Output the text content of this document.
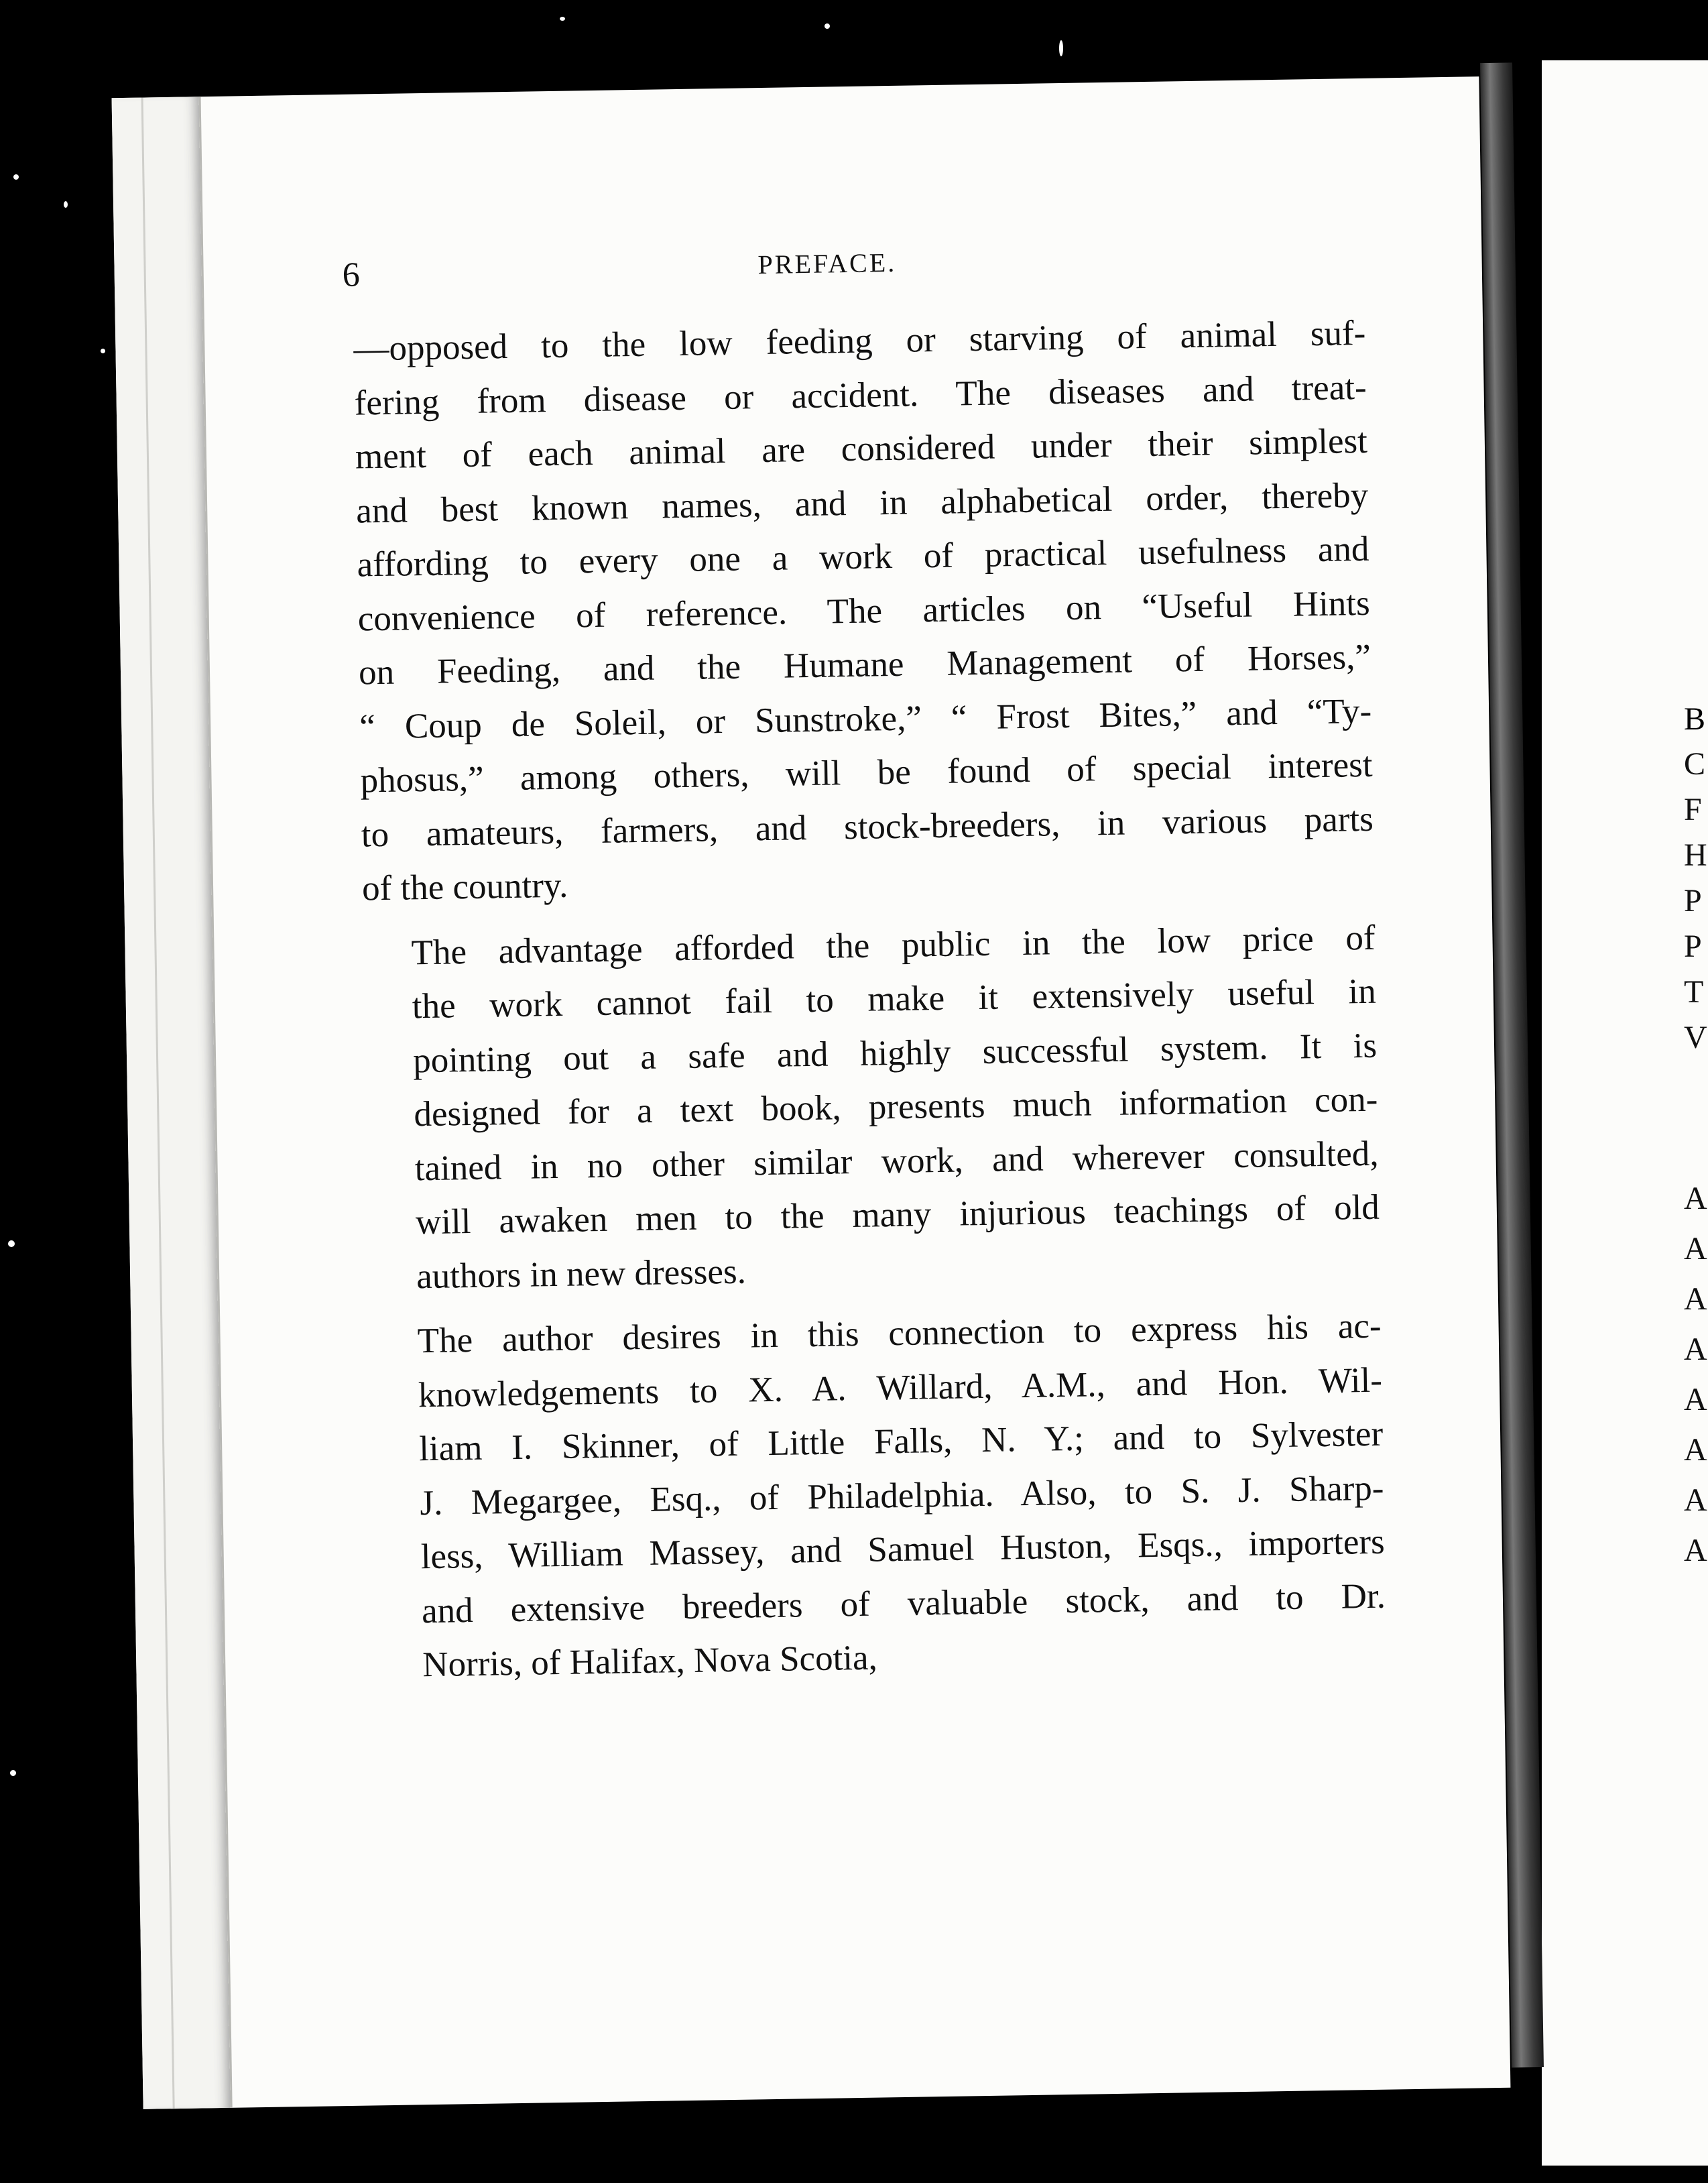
B
C
F
H
P
P
T
V
A
A
A
A
A
A
A
A
6	PREFACE.

—opposed to the low feeding or starving of animal suf-
fering from disease or accident. The diseases and treat-
ment of each animal are considered under their simplest
and best known names, and in alphabetical order, thereby
affording to every one a work of practical usefulness and
convenience of reference. The articles on “Useful Hints
on Feeding, and the Humane Management of Horses,”
“ Coup de Soleil, or Sunstroke,” “ Frost Bites,” and “Ty-
phosus,” among others, will be found of special interest
to amateurs, farmers, and stock-breeders, in various parts
of the country.

The advantage afforded the public in the low price of
the work cannot fail to make it extensively useful in
pointing out a safe and highly successful system. It is
designed for a text book, presents much information con-
tained in no other similar work, and wherever consulted,
will awaken men to the many injurious teachings of old
authors in new dresses.

The author desires in this connection to express his ac-
knowledgements to X. A. Willard, A.M., and Hon. Wil-
liam I. Skinner, of Little Falls, N. Y.; and to Sylvester
J. Megargee, Esq., of Philadelphia. Also, to S. J. Sharp-
less, William Massey, and Samuel Huston, Esqs., importers
and extensive breeders of valuable stock, and to Dr.
Norris, of Halifax, Nova Scotia,
